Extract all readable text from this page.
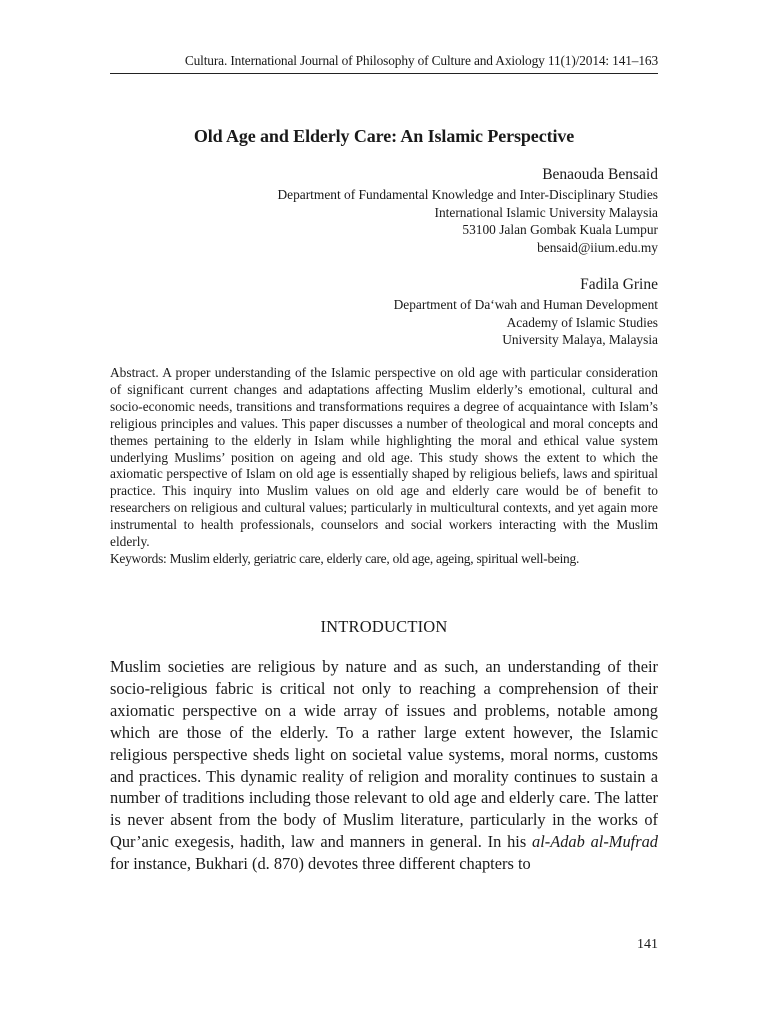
Cultura. International Journal of Philosophy of Culture and Axiology 11(1)/2014: 141–163
Old Age and Elderly Care: An Islamic Perspective
Benaouda Bensaid
Department of Fundamental Knowledge and Inter-Disciplinary Studies
International Islamic University Malaysia
53100 Jalan Gombak Kuala Lumpur
bensaid@iium.edu.my
Fadila Grine
Department of Da‘wah and Human Development
Academy of Islamic Studies
University Malaya, Malaysia

Abstract. A proper understanding of the Islamic perspective on old age with particular consideration of significant current changes and adaptations affecting Muslim elderly’s emotional, cultural and socio-economic needs, transitions and transformations requires a degree of acquaintance with Islam’s religious principles and values. This paper discusses a number of theological and moral concepts and themes pertaining to the elderly in Islam while highlighting the moral and ethical value system underlying Muslims’ position on ageing and old age. This study shows the extent to which the axiomatic perspective of Islam on old age is essentially shaped by religious beliefs, laws and spiritual practice. This inquiry into Muslim values on old age and elderly care would be of benefit to researchers on religious and cultural values; particularly in multicultural contexts, and yet again more instrumental to health professionals, counselors and social workers interacting with the Muslim elderly.

Keywords: Muslim elderly, geriatric care, elderly care, old age, ageing, spiritual well-being.

INTRODUCTION

Muslim societies are religious by nature and as such, an understanding of their socio-religious fabric is critical not only to reaching a comprehension of their axiomatic perspective on a wide array of issues and problems, notable among which are those of the elderly. To a rather large extent however, the Islamic religious perspective sheds light on societal value systems, moral norms, customs and practices. This dynamic reality of religion and morality continues to sustain a number of traditions including those relevant to old age and elderly care. The latter is never absent from the body of Muslim literature, particularly in the works of Qur’anic exegesis, hadith, law and manners in general. In his al-Adab al-Mufrad for instance, Bukhari (d. 870) devotes three different chapters to

141
